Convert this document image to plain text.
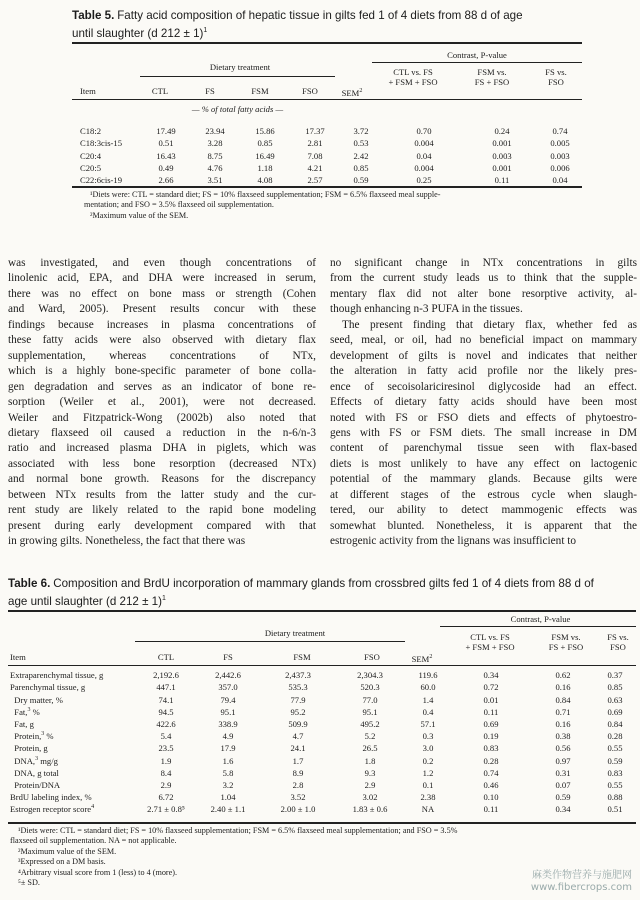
Table 5. Fatty acid composition of hepatic tissue in gilts fed 1 of 4 diets from 88 d of age
until slaughter (d 212 ± 1)$^1$
Dietary treatment
Contrast, P-value
CTL vs. FS
+ FSM + FSO
FSM vs.
FS + FSO
FS vs.
FSO
Item	CTL	FS	FSM	FSO	SEM$^2$
— % of total fatty acids —
C18:2	17.49	23.94	15.86	17.37	3.72	0.70	0.24	0.74
C18:3cis-15	0.51	3.28	0.85	2.81	0.53	0.004	0.001	0.005
C20:4	16.43	8.75	16.49	7.08	2.42	0.04	0.003	0.003
C20:5	0.49	4.76	1.18	4.21	0.85	0.004	0.001	0.006
C22:6cis-19	2.66	3.51	4.08	2.57	0.59	0.25	0.11	0.04
¹Diets were: CTL = standard diet; FS = 10% flaxseed supplementation; FSM = 6.5% flaxseed meal supple-
mentation; and FSO = 3.5% flaxseed oil supplementation.
²Maximum value of the SEM.
was investigated, and even though concentrations of
linolenic acid, EPA, and DHA were increased in serum,
there was no effect on bone mass or strength (Cohen
and Ward, 2005). Present results concur with these
findings because increases in plasma concentrations of
these fatty acids were also observed with dietary flax
supplementation, whereas concentrations of NTx,
which is a highly bone-specific parameter of bone colla-
gen degradation and serves as an indicator of bone re-
sorption (Weiler et al., 2001), were not decreased.
Weiler and Fitzpatrick-Wong (2002b) also noted that
dietary flaxseed oil caused a reduction in the n-6/n-3
ratio and increased plasma DHA in piglets, which was
associated with less bone resorption (decreased NTx)
and normal bone growth. Reasons for the discrepancy
between NTx results from the latter study and the cur-
rent study are likely related to the rapid bone modeling
present during early development compared with that
in growing gilts. Nonetheless, the fact that there was
no significant change in NTx concentrations in gilts
from the current study leads us to think that the supple-
mentary flax did not alter bone resorptive activity, al-
though enhancing n-3 PUFA in the tissues.
The present finding that dietary flax, whether fed as
seed, meal, or oil, had no beneficial impact on mammary
development of gilts is novel and indicates that neither
the alteration in fatty acid profile nor the likely pres-
ence of secoisolariciresinol diglycoside had an effect.
Effects of dietary fatty acids should have been most
noted with FS or FSO diets and effects of phytoestro-
gens with FS or FSM diets. The small increase in DM
content of parenchymal tissue seen with flax-based
diets is most unlikely to have any effect on lactogenic
potential of the mammary glands. Because gilts were
at different stages of the estrous cycle when slaugh-
tered, our ability to detect mammogenic effects was
somewhat blunted. Nonetheless, it is apparent that the
estrogenic activity from the lignans was insufficient to
Table 6. Composition and BrdU incorporation of mammary glands from crossbred gilts fed 1 of 4 diets from 88 d of
age until slaughter (d 212 ± 1)$^1$
Dietary treatment
Contrast, P-value
CTL vs. FS
+ FSM + FSO
FSM vs.
FS + FSO
FS vs.
FSO
Item	CTL	FS	FSM	FSO	SEM$^2$
Extraparenchymal tissue, g	2,192.6	2,442.6	2,437.3	2,304.3	119.6	0.34	0.62	0.37
Parenchymal tissue, g	447.1	357.0	535.3	520.3	60.0	0.72	0.16	0.85
Dry matter, %	74.1	79.4	77.9	77.0	1.4	0.01	0.84	0.63
Fat,$^3$ %	94.5	95.1	95.2	95.1	0.4	0.11	0.71	0.69
Fat, g	422.6	338.9	509.9	495.2	57.1	0.69	0.16	0.84
Protein,$^3$ %	5.4	4.9	4.7	5.2	0.3	0.19	0.38	0.28
Protein, g	23.5	17.9	24.1	26.5	3.0	0.83	0.56	0.55
DNA,$^3$ mg/g	1.9	1.6	1.7	1.8	0.2	0.28	0.97	0.59
DNA, g total	8.4	5.8	8.9	9.3	1.2	0.74	0.31	0.83
Protein/DNA	2.9	3.2	2.8	2.9	0.1	0.46	0.07	0.55
BrdU labeling index, %	6.72	1.04	3.52	3.02	2.38	0.10	0.59	0.88
Estrogen receptor score$^4$	2.71 ± 0.8⁵	2.40 ± 1.1	2.00 ± 1.0	1.83 ± 0.6	NA	0.11	0.34	0.51
¹Diets were: CTL = standard diet; FS = 10% flaxseed supplementation; FSM = 6.5% flaxseed meal supplementation; and FSO = 3.5%
flaxseed oil supplementation. NA = not applicable.
²Maximum value of the SEM.
³Expressed on a DM basis.
⁴Arbitrary visual score from 1 (less) to 4 (more).
⁵± SD.
麻类作物营养与施肥网
www.fibercrops.com
